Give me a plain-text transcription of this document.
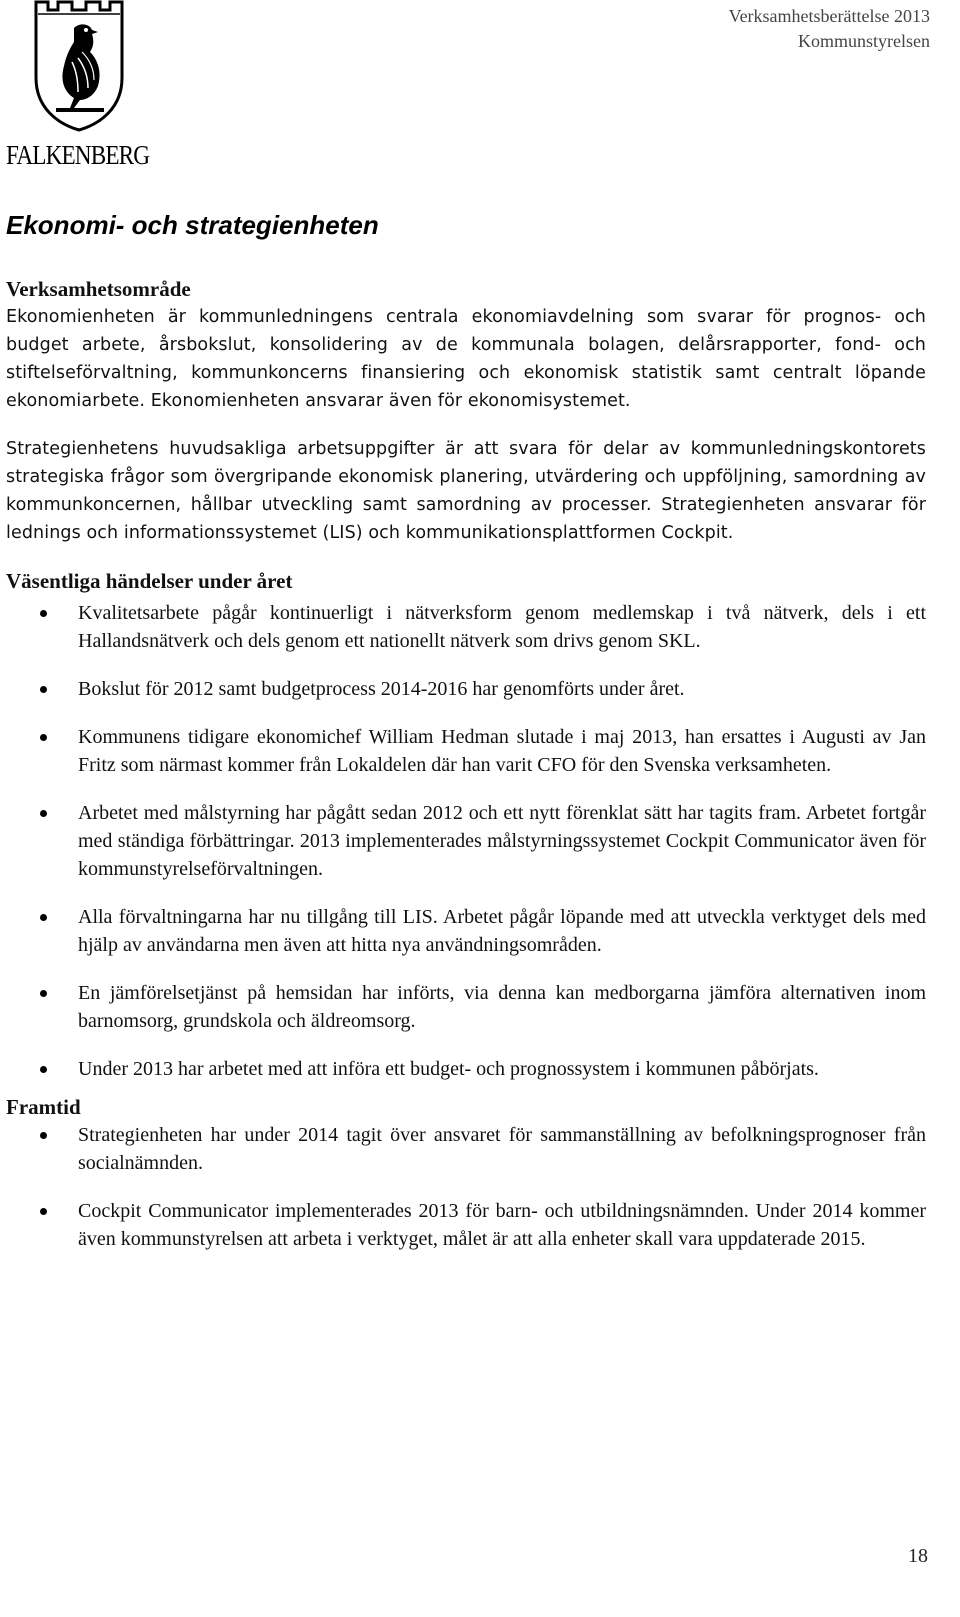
FALKENBERG
Verksamhetsberättelse 2013
Kommunstyrelsen
Ekonomi- och strategienheten
Verksamhetsområde

Ekonomienheten är kommunledningens centrala ekonomiavdelning som svarar för prognos- och budget arbete, årsbokslut, konsolidering av de kommunala bolagen, delårsrapporter, fond- och stiftelseförvaltning, kommunkoncerns finansiering och ekonomisk statistik samt centralt löpande ekonomiarbete. Ekonomienheten ansvarar även för ekonomisystemet.

Strategienhetens huvudsakliga arbetsuppgifter är att svara för delar av kommunledningskontorets strategiska frågor som övergripande ekonomisk planering, utvärdering och uppföljning, samordning av kommunkoncernen, hållbar utveckling samt samordning av processer. Strategienheten ansvarar för lednings och informationssystemet (LIS) och kommunikationsplattformen Cockpit.

Väsentliga händelser under året
Kvalitetsarbete pågår kontinuerligt i nätverksform genom medlemskap i två nätverk, dels i ett Hallandsnätverk och dels genom ett nationellt nätverk som drivs genom SKL.
Bokslut för 2012 samt budgetprocess 2014-2016 har genomförts under året.
Kommunens tidigare ekonomichef William Hedman slutade i maj 2013, han ersattes i Augusti av Jan Fritz som närmast kommer från Lokaldelen där han varit CFO för den Svenska verksamheten.
Arbetet med målstyrning har pågått sedan 2012 och ett nytt förenklat sätt har tagits fram. Arbetet fortgår med ständiga förbättringar. 2013 implementerades målstyrningssystemet Cockpit Communicator även för kommunstyrelseförvaltningen.
Alla förvaltningarna har nu tillgång till LIS. Arbetet pågår löpande med att utveckla verktyget dels med hjälp av användarna men även att hitta nya användningsområden.
En jämförelsetjänst på hemsidan har införts, via denna kan medborgarna jämföra alternativen inom barnomsorg, grundskola och äldreomsorg.
Under 2013 har arbetet med att införa ett budget- och prognossystem i kommunen påbörjats.
Framtid
Strategienheten har under 2014 tagit över ansvaret för sammanställning av befolkningsprognoser från socialnämnden.
Cockpit Communicator implementerades 2013 för barn- och utbildningsnämnden. Under 2014 kommer även kommunstyrelsen att arbeta i verktyget, målet är att alla enheter skall vara uppdaterade 2015.
18
